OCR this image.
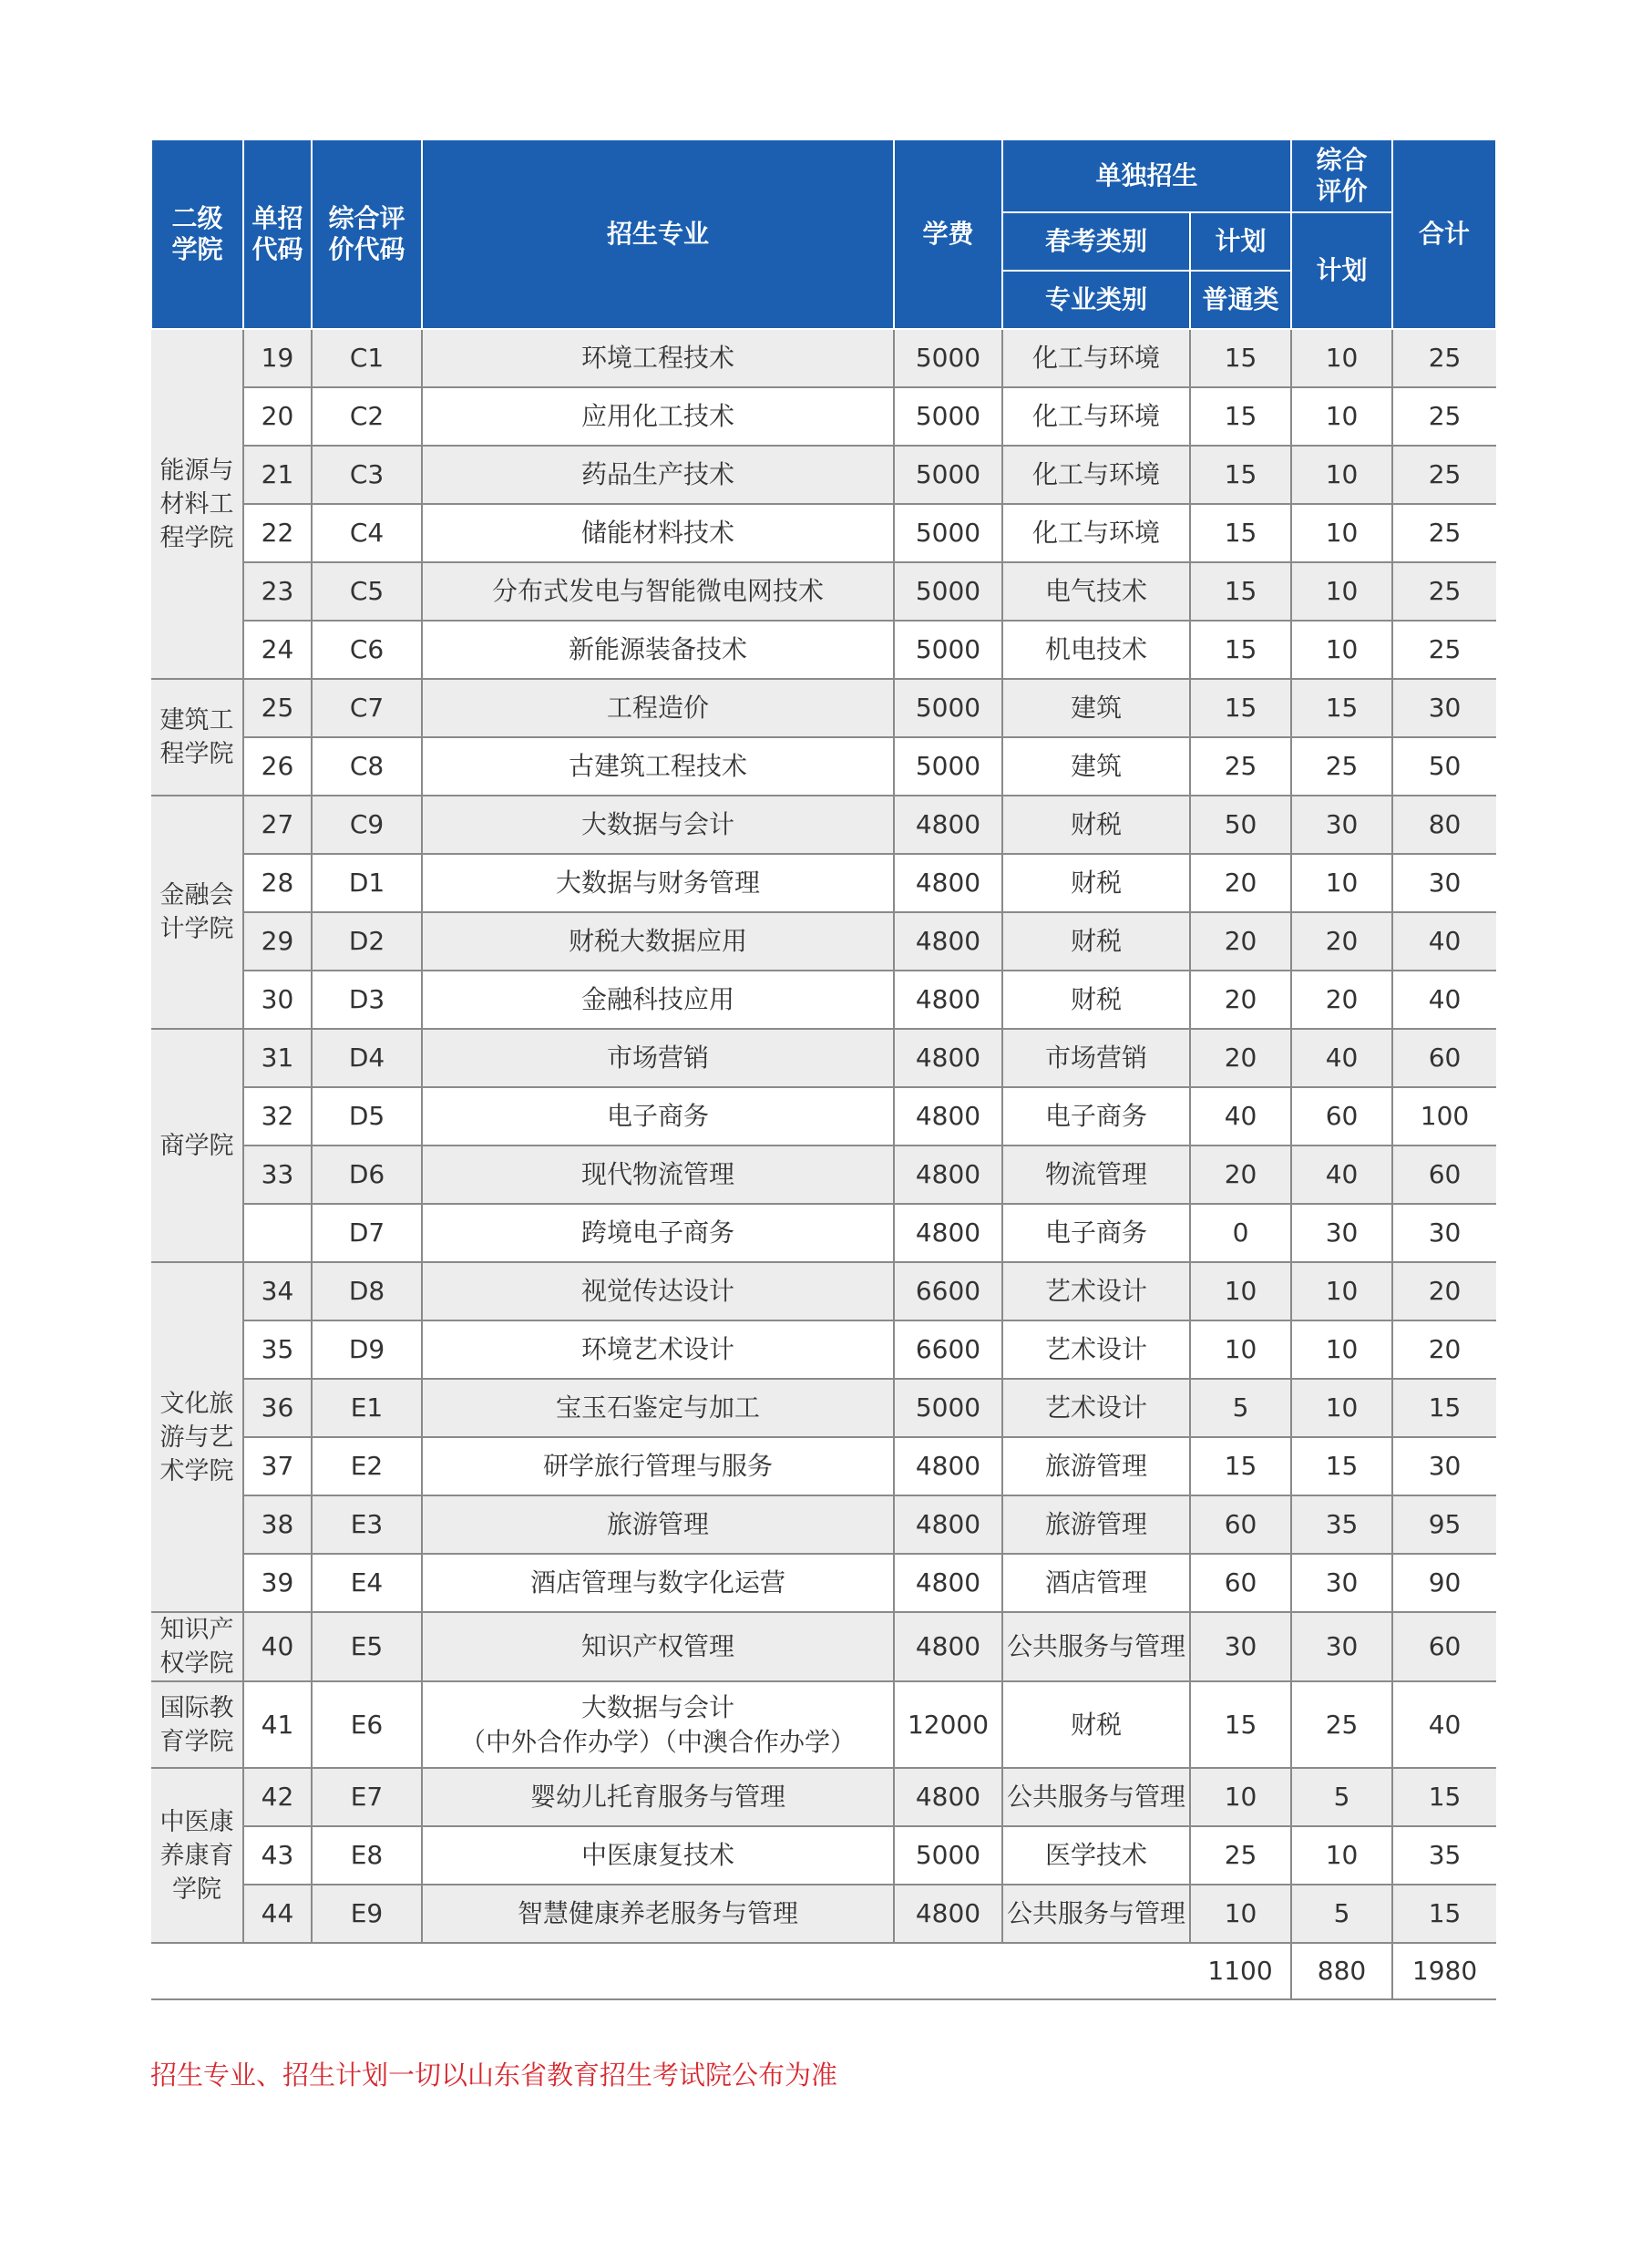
二级学院	单招代码	综合评价代码	招生专业	学费	单独招生		综合评价	合计
					春考类别	计划	计划	
					专业类别	普通类		
能源与材料工程学院	19	C1	环境工程技术	5000	化工与环境	15	10	25
	20	C2	应用化工技术	5000	化工与环境	15	10	25
	21	C3	药品生产技术	5000	化工与环境	15	10	25
	22	C4	储能材料技术	5000	化工与环境	15	10	25
	23	C5	分布式发电与智能微电网技术	5000	电气技术	15	10	25
	24	C6	新能源装备技术	5000	机电技术	15	10	25
建筑工程学院	25	C7	工程造价	5000	建筑	15	15	30
	26	C8	古建筑工程技术	5000	建筑	25	25	50
金融会计学院	27	C9	大数据与会计	4800	财税	50	30	80
	28	D1	大数据与财务管理	4800	财税	20	10	30
	29	D2	财税大数据应用	4800	财税	20	20	40
	30	D3	金融科技应用	4800	财税	20	20	40
商学院	31	D4	市场营销	4800	市场营销	20	40	60
	32	D5	电子商务	4800	电子商务	40	60	100
	33	D6	现代物流管理	4800	物流管理	20	40	60
		D7	跨境电子商务	4800	电子商务	0	30	30
文化旅游与艺术学院	34	D8	视觉传达设计	6600	艺术设计	10	10	20
	35	D9	环境艺术设计	6600	艺术设计	10	10	20
	36	E1	宝玉石鉴定与加工	5000	艺术设计	5	10	15
	37	E2	研学旅行管理与服务	4800	旅游管理	15	15	30
	38	E3	旅游管理	4800	旅游管理	60	35	95
	39	E4	酒店管理与数字化运营	4800	酒店管理	60	30	90
知识产权学院	40	E5	知识产权管理	4800	公共服务与管理	30	30	60
国际教育学院	41	E6	大数据与会计
（中外合作办学）（中澳合作办学）	12000	财税	15	25	40
中医康养康育学院	42	E7	婴幼儿托育服务与管理	4800	公共服务与管理	10	5	15
	43	E8	中医康复技术	5000	医学技术	25	10	35
	44	E9	智慧健康养老服务与管理	4800	公共服务与管理	10	5	15
						1100	880	1980
招生专业、招生计划一切以山东省教育招生考试院公布为准
